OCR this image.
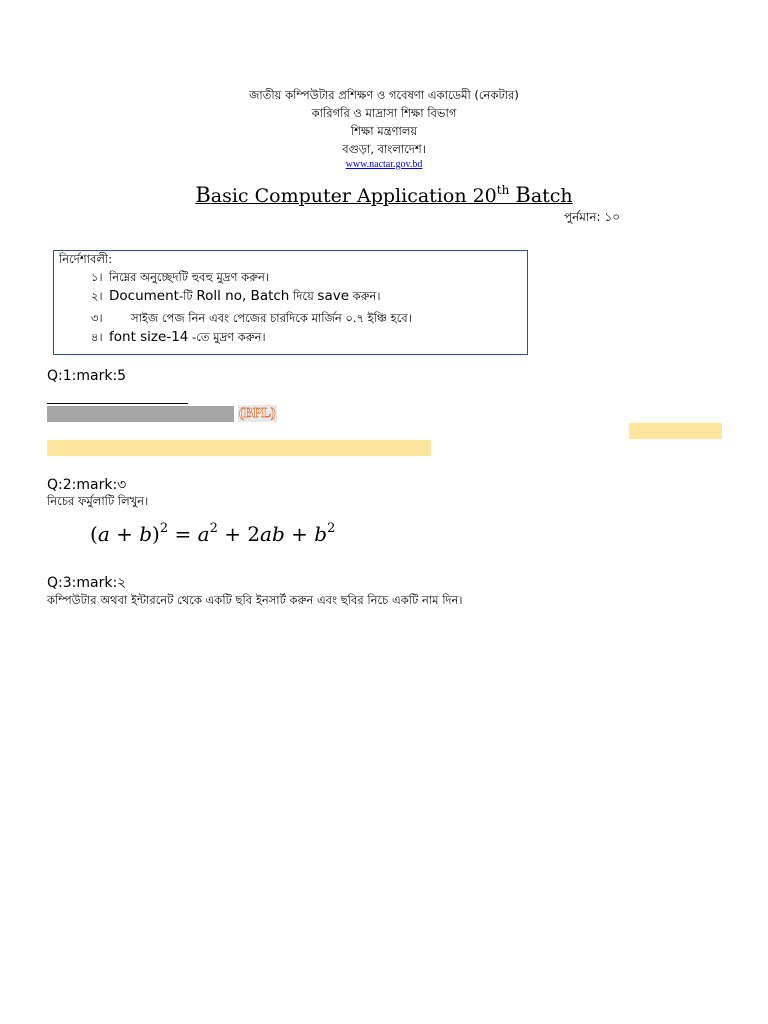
জাতীয় কম্পিউটার প্রশিক্ষণ ও গবেষণা একাডেমী (নেকটার)
কারিগরি ও মাদ্রাসা শিক্ষা বিভাগ
শিক্ষা মন্ত্রণালয়
বগুড়া, বাংলাদেশ।
www.nactar.gov.bd
Basic Computer Application 20th Batch
পুর্নমান: ১০
নির্দেশাবলী:
১। নিম্নের অনুচ্ছেদটি হুবহু মুদ্রণ করুন।
২। Document-টি Roll no, Batch দিয়ে save করুন।
৩। সাইজ পেজ নিন এবং পেজের চারদিকে মার্জিন ০.৭ ইঞ্চি হবে।
৪। font size-14 -তে মুদ্রণ করুন।
Q:1:mark:5
(BPL)
Q:2:mark:৩
নিচের ফর্মুলাটি লিখুন।
$(a + b)^2 = a^2 + 2ab + b^2$
Q:3:mark:২
কম্পিউটার অথবা ইন্টারনেট থেকে একটি ছবি ইনসার্ট করুন এবং ছবির নিচে একটি নাম দিন।
